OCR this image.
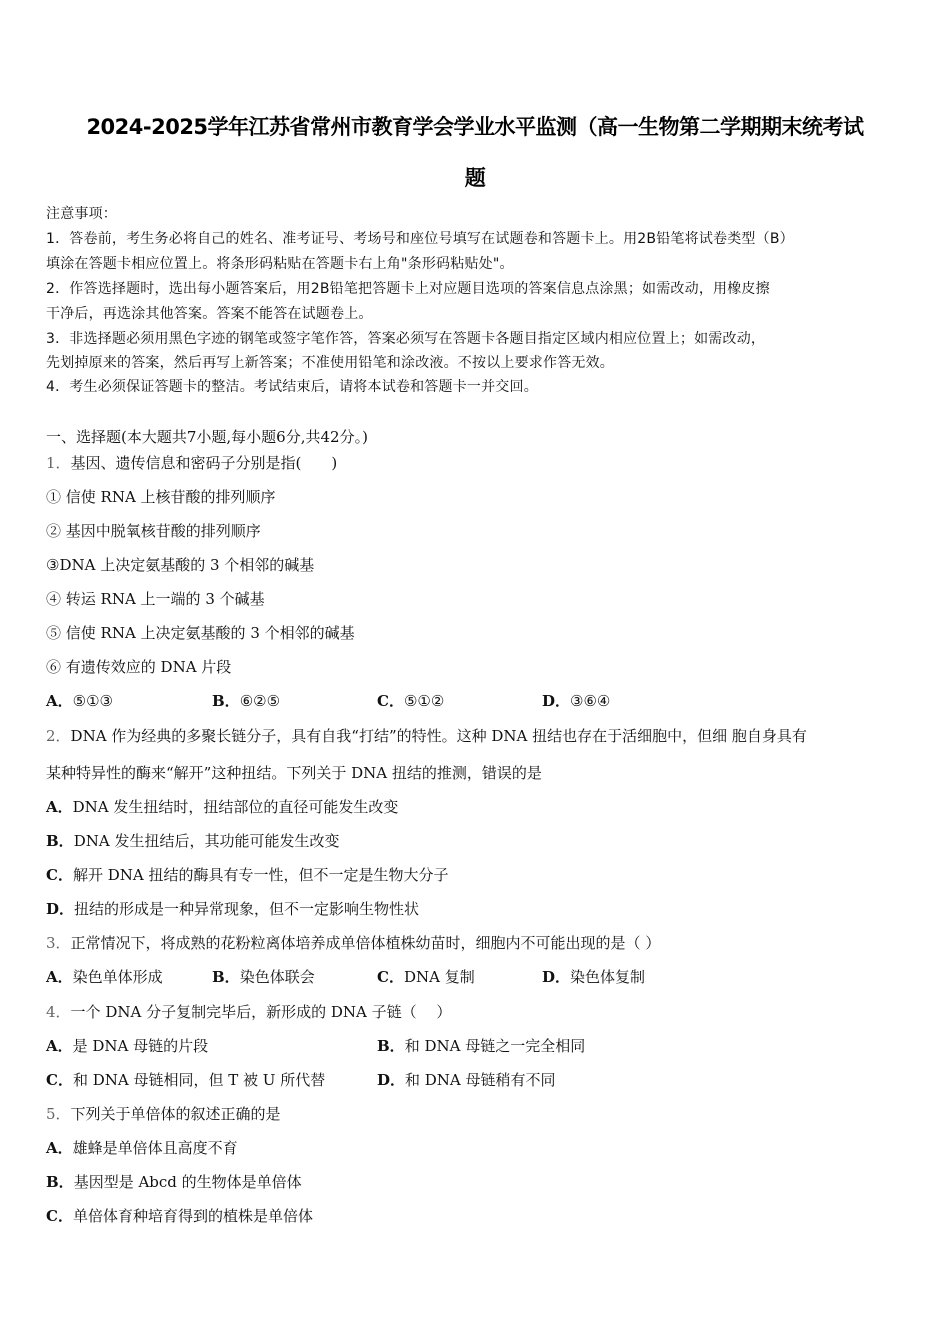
2024-2025学年江苏省常州市教育学会学业水平监测（高一生物第二学期期末统考试
题
注意事项：
1．答卷前，考生务必将自己的姓名、准考证号、考场号和座位号填写在试题卷和答题卡上。用2B铅笔将试卷类型（B）
填涂在答题卡相应位置上。将条形码粘贴在答题卡右上角"条形码粘贴处"。
2．作答选择题时，选出每小题答案后，用2B铅笔把答题卡上对应题目选项的答案信息点涂黑；如需改动，用橡皮擦
干净后，再选涂其他答案。答案不能答在试题卷上。
3．非选择题必须用黑色字迹的钢笔或签字笔作答，答案必须写在答题卡各题目指定区域内相应位置上；如需改动，
先划掉原来的答案，然后再写上新答案；不准使用铅笔和涂改液。不按以上要求作答无效。
4．考生必须保证答题卡的整洁。考试结束后，请将本试卷和答题卡一并交回。
一、选择题(本大题共7小题,每小题6分,共42分。)
1．基因、遗传信息和密码子分别是指(　　)
① 信使 RNA 上核苷酸的排列顺序
② 基因中脱氧核苷酸的排列顺序
③DNA 上决定氨基酸的 3 个相邻的碱基
④ 转运 RNA 上一端的 3 个碱基
⑤ 信使 RNA 上决定氨基酸的 3 个相邻的碱基
⑥ 有遗传效应的 DNA 片段
A．⑤①③	B．⑥②⑤	C．⑤①②	D．③⑥④
2．DNA 作为经典的多聚长链分子，具有自我“打结”的特性。这种 DNA 扭结也存在于活细胞中，但细 胞自身具有
某种特异性的酶来“解开”这种扭结。下列关于 DNA 扭结的推测，错误的是
A．DNA 发生扭结时，扭结部位的直径可能发生改变
B．DNA 发生扭结后，其功能可能发生改变
C．解开 DNA 扭结的酶具有专一性，但不一定是生物大分子
D．扭结的形成是一种异常现象，但不一定影响生物性状
3．正常情况下，将成熟的花粉粒离体培养成单倍体植株幼苗时，细胞内不可能出现的是（ ）
A．染色单体形成	B．染色体联会	C．DNA 复制	D．染色体复制
4．一个 DNA 分子复制完毕后，新形成的 DNA 子链（　 ）
A．是 DNA 母链的片段	B．和 DNA 母链之一完全相同
C．和 DNA 母链相同，但 T 被 U 所代替	D．和 DNA 母链稍有不同
5．下列关于单倍体的叙述正确的是
A．雄蜂是单倍体且高度不育
B．基因型是 Abcd 的生物体是单倍体
C．单倍体育种培育得到的植株是单倍体
